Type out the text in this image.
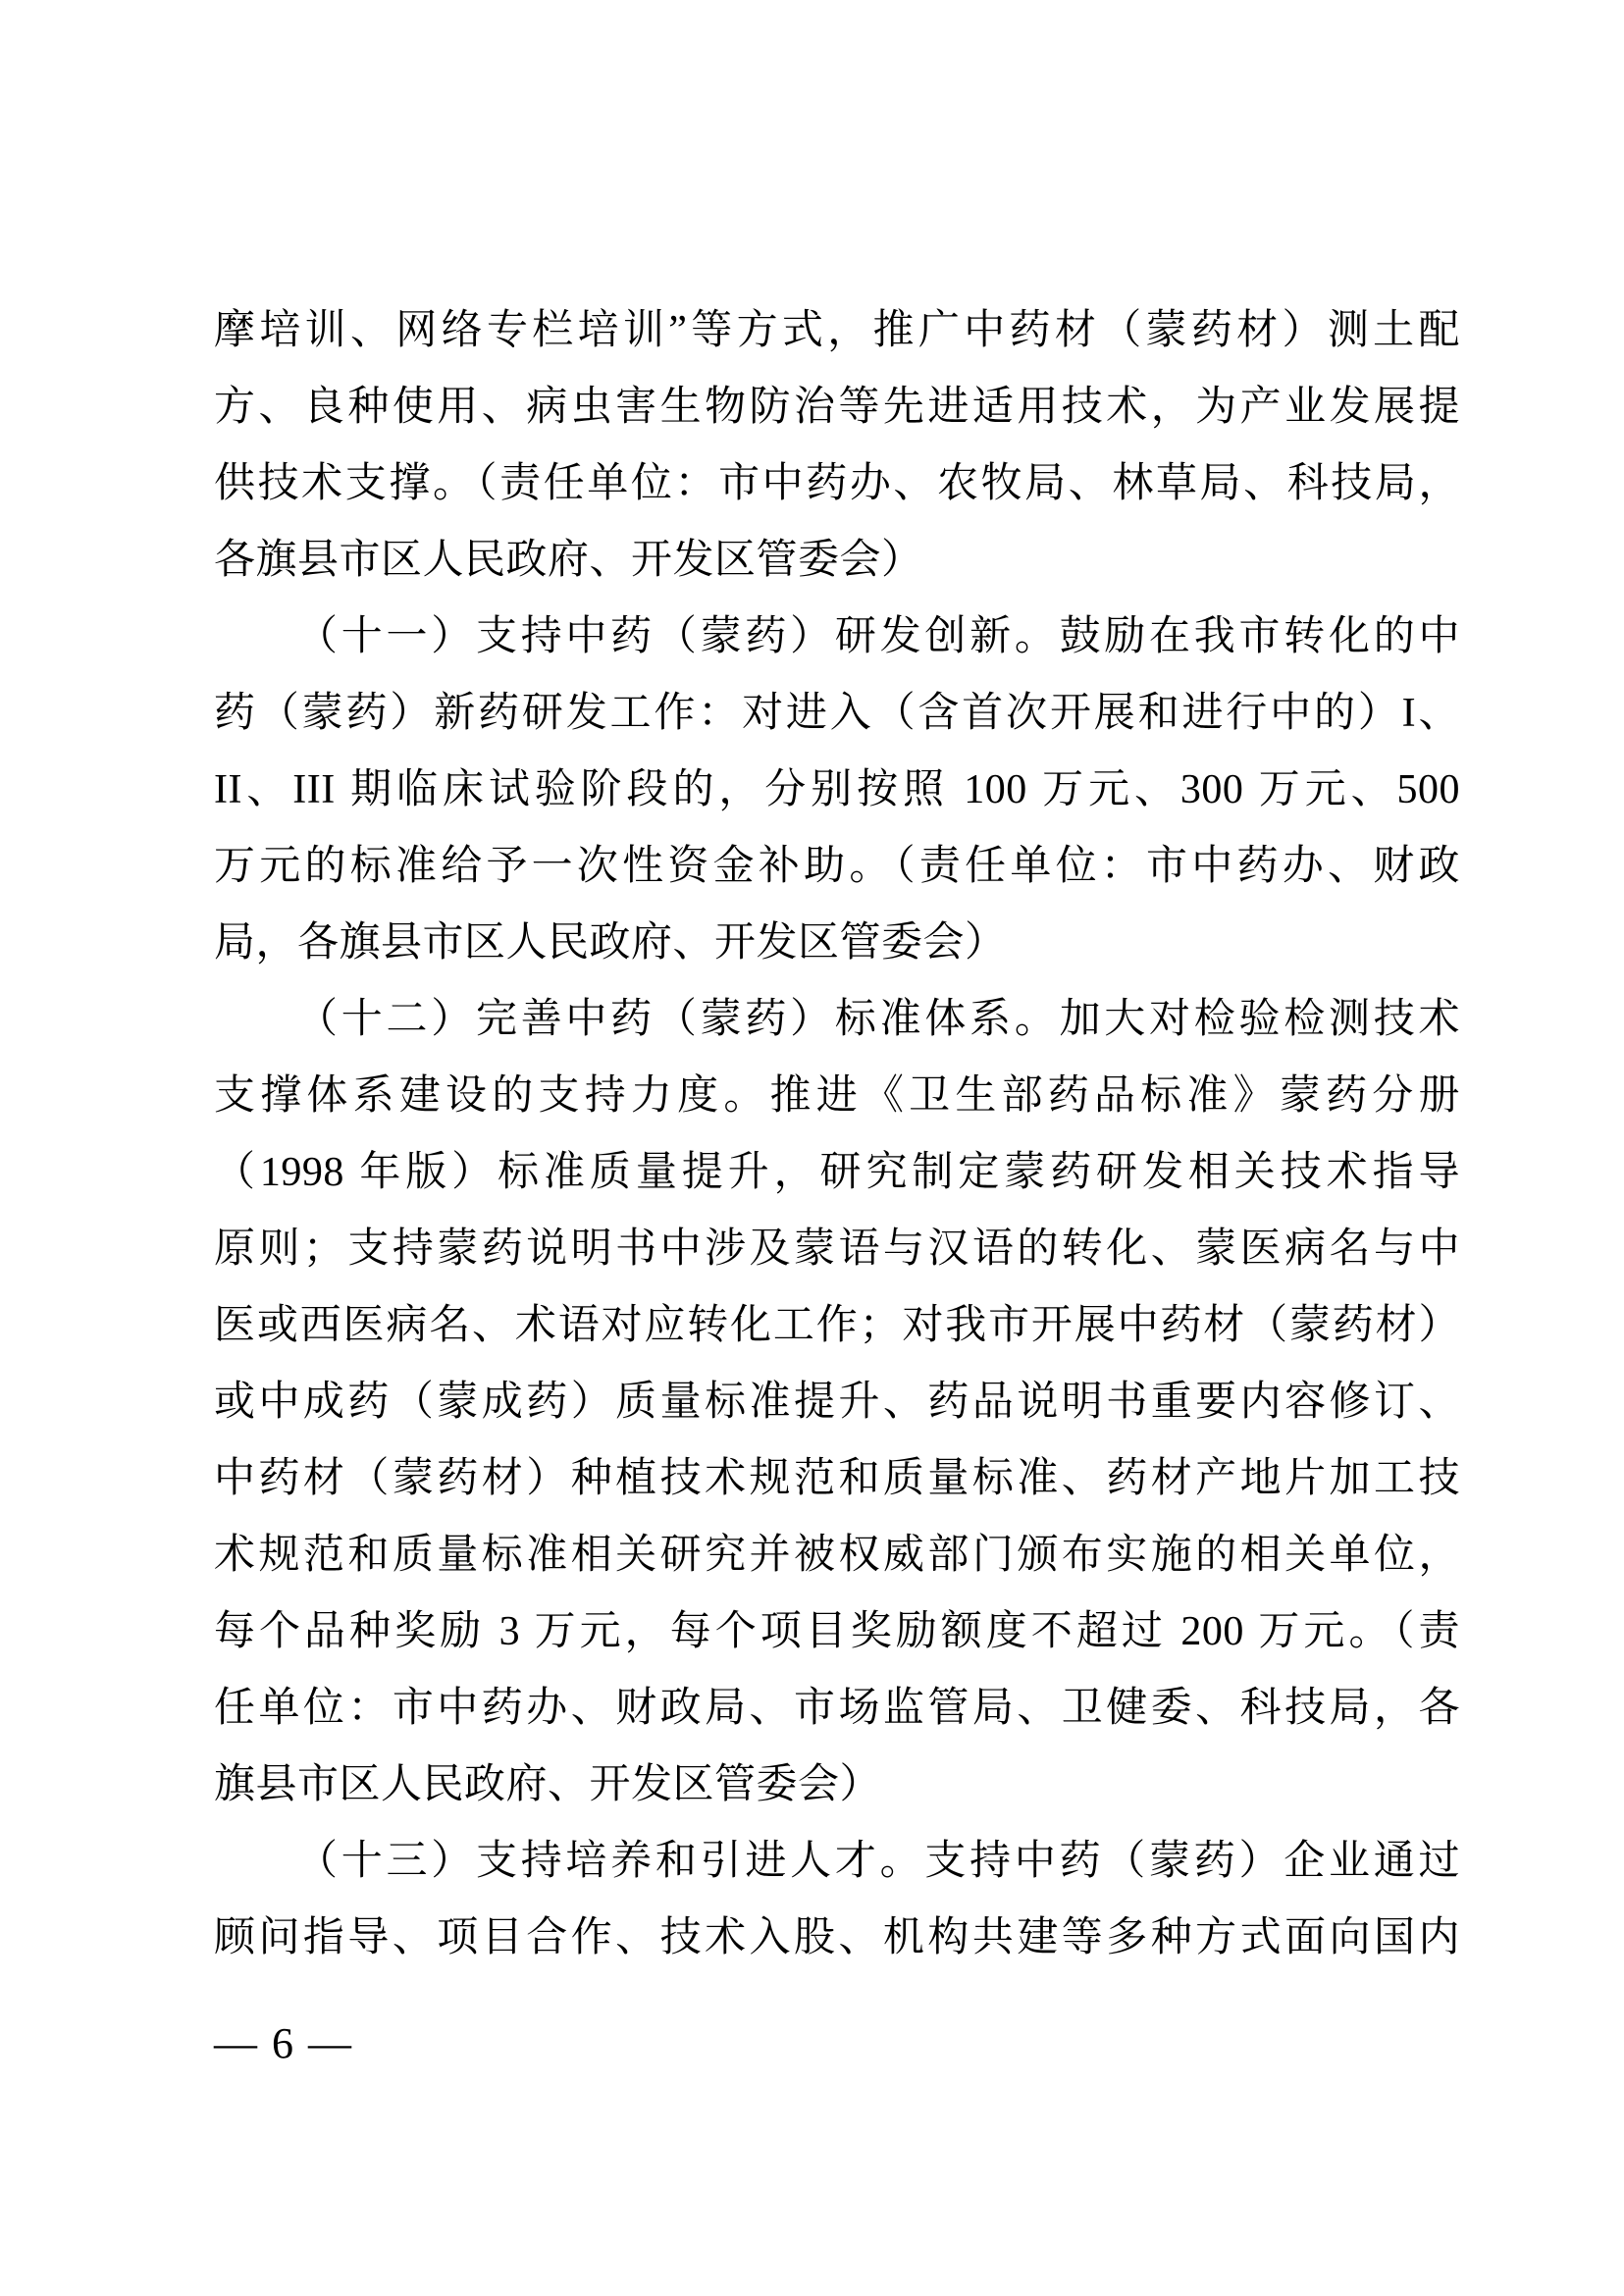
摩培训、网络专栏培训”等方式，推广中药材（蒙药材）测土配
方、良种使用、病虫害生物防治等先进适用技术，为产业发展提
供技术支撑。（责任单位：市中药办、农牧局、林草局、科技局，
各旗县市区人民政府、开发区管委会）
（十一）支持中药（蒙药）研发创新。鼓励在我市转化的中
药（蒙药）新药研发工作：对进入（含首次开展和进行中的）I、
II、III 期临床试验阶段的，分别按照 100 万元、300 万元、500
万元的标准给予一次性资金补助。（责任单位：市中药办、财政
局，各旗县市区人民政府、开发区管委会）
（十二）完善中药（蒙药）标准体系。加大对检验检测技术
支撑体系建设的支持力度。推进《卫生部药品标准》蒙药分册
（1998 年版）标准质量提升，研究制定蒙药研发相关技术指导
原则；支持蒙药说明书中涉及蒙语与汉语的转化、蒙医病名与中
医或西医病名、术语对应转化工作；对我市开展中药材（蒙药材）
或中成药（蒙成药）质量标准提升、药品说明书重要内容修订、
中药材（蒙药材）种植技术规范和质量标准、药材产地片加工技
术规范和质量标准相关研究并被权威部门颁布实施的相关单位，
每个品种奖励 3 万元，每个项目奖励额度不超过 200 万元。（责
任单位：市中药办、财政局、市场监管局、卫健委、科技局，各
旗县市区人民政府、开发区管委会）
（十三）支持培养和引进人才。支持中药（蒙药）企业通过
顾问指导、项目合作、技术入股、机构共建等多种方式面向国内
— 6 —
